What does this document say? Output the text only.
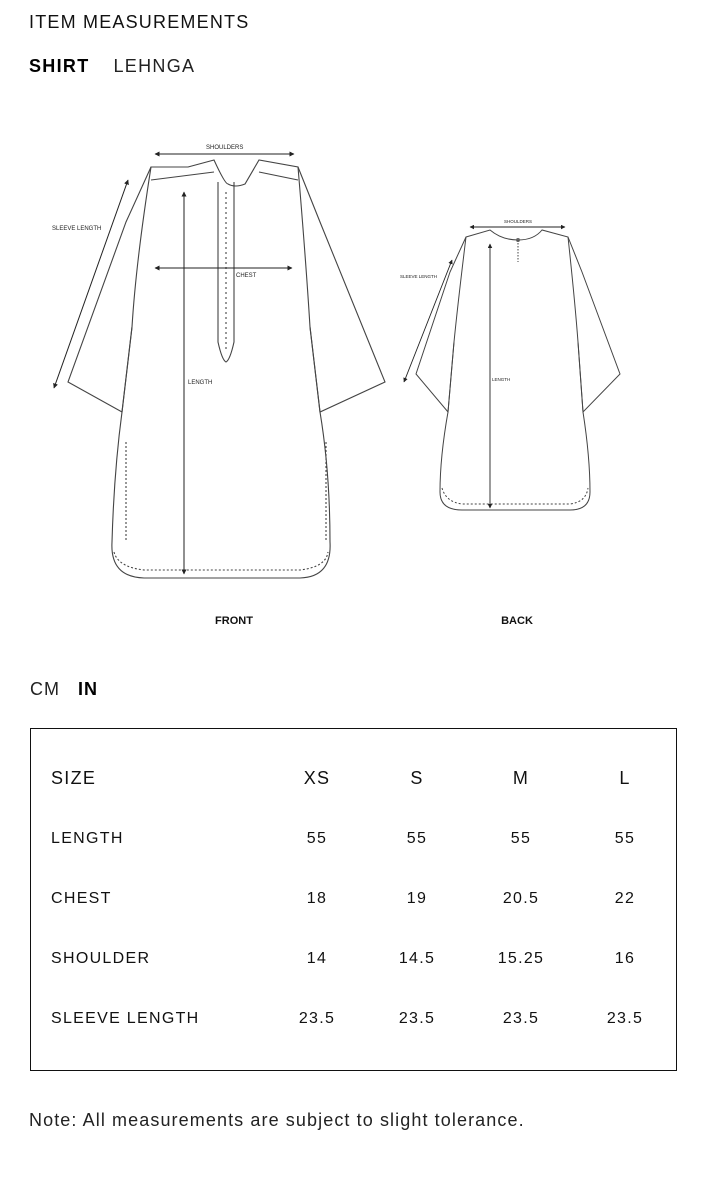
ITEM MEASUREMENTS
SHIRT LEHNGA
SHOULDERS
SLEEVE LENGTH
CHEST
LENGTH
FRONT
SHOULDERS
SLEEVE LENGTH
LENGTH
BACK
CM IN
SIZE	XS	S	M	L
LENGTH	55	55	55	55
CHEST	18	19	20.5	22
SHOULDER	14	14.5	15.25	16
SLEEVE LENGTH	23.5	23.5	23.5	23.5
Note: All measurements are subject to slight tolerance.
